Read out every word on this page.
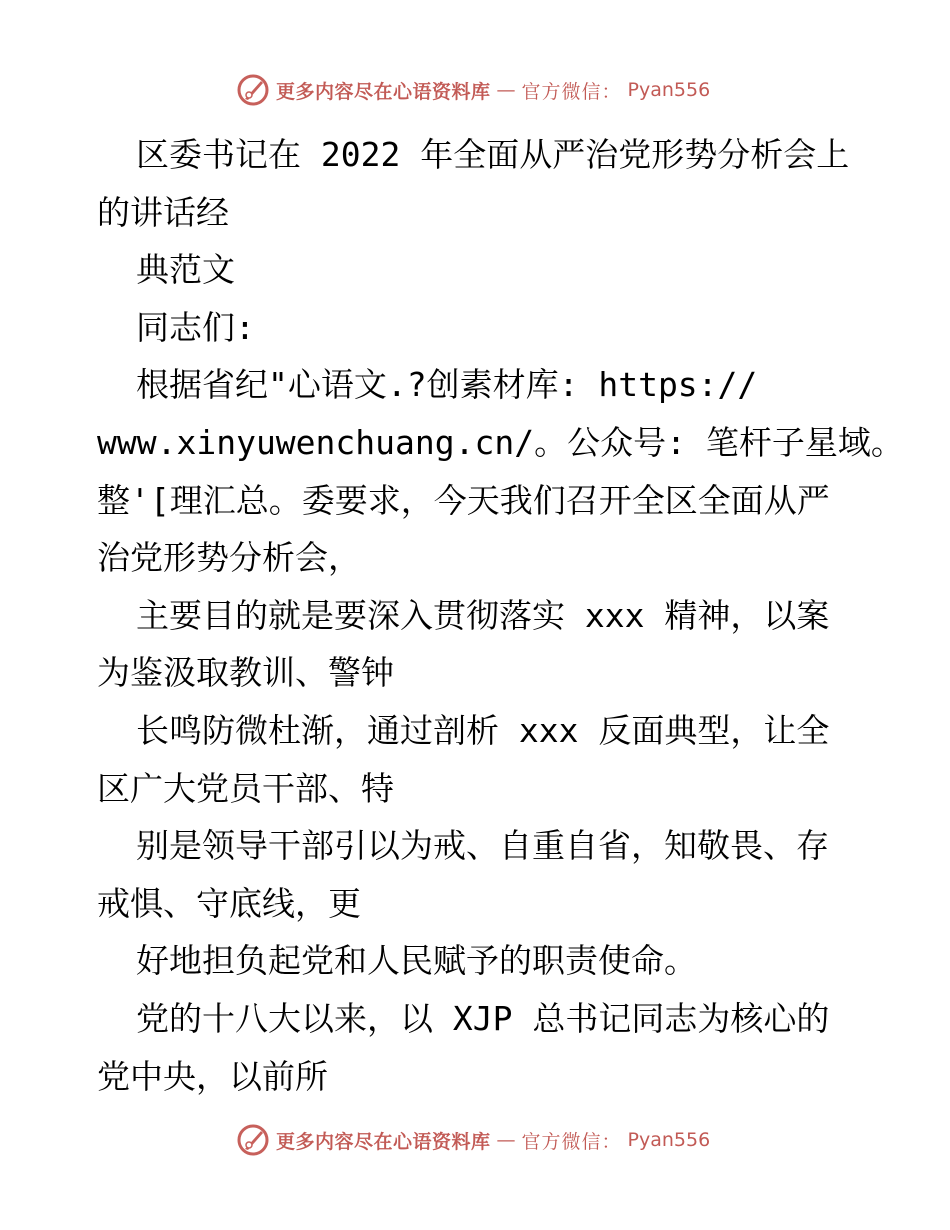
更多内容尽在心语资料库 — 官方微信： Pyan556
区委书记在 2022 年全面从严治党形势分析会上
的讲话经
典范文
同志们:
根据省纪"心语文.?创素材库: https://
www.xinyuwenchuang.cn/。公众号: 笔杆子星域。
整'[理汇总。委要求，今天我们召开全区全面从严
治党形势分析会，
主要目的就是要深入贯彻落实 xxx 精神，以案
为鉴汲取教训、警钟
长鸣防微杜渐，通过剖析 xxx 反面典型，让全
区广大党员干部、特
别是领导干部引以为戒、自重自省，知敬畏、存
戒惧、守底线，更
好地担负起党和人民赋予的职责使命。
党的十八大以来，以 XJP 总书记同志为核心的
党中央，以前所
更多内容尽在心语资料库 — 官方微信： Pyan556
